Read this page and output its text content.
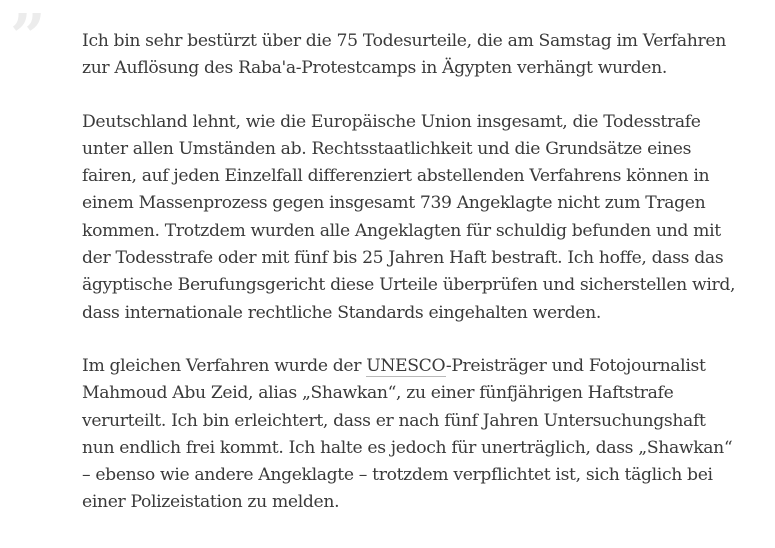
” Ich bin sehr bestürzt über die 75 Todesurteile, die am Samstag im Verfahren
zur Auflösung des Raba'a-Protestcamps in Ägypten verhängt wurden.

Deutschland lehnt, wie die Europäische Union insgesamt, die Todesstrafe
unter allen Umständen ab. Rechtsstaatlichkeit und die Grundsätze eines
fairen, auf jeden Einzelfall differenziert abstellenden Verfahrens können in
einem Massenprozess gegen insgesamt 739 Angeklagte nicht zum Tragen
kommen. Trotzdem wurden alle Angeklagten für schuldig befunden und mit
der Todesstrafe oder mit fünf bis 25 Jahren Haft bestraft. Ich hoffe, dass das
ägyptische Berufungsgericht diese Urteile überprüfen und sicherstellen wird,
dass internationale rechtliche Standards eingehalten werden.

Im gleichen Verfahren wurde der UNESCO-Preisträger und Fotojournalist
Mahmoud Abu Zeid, alias „Shawkan“, zu einer fünfjährigen Haftstrafe
verurteilt. Ich bin erleichtert, dass er nach fünf Jahren Untersuchungshaft
nun endlich frei kommt. Ich halte es jedoch für unerträglich, dass „Shawkan“
– ebenso wie andere Angeklagte – trotzdem verpflichtet ist, sich täglich bei
einer Polizeistation zu melden.
